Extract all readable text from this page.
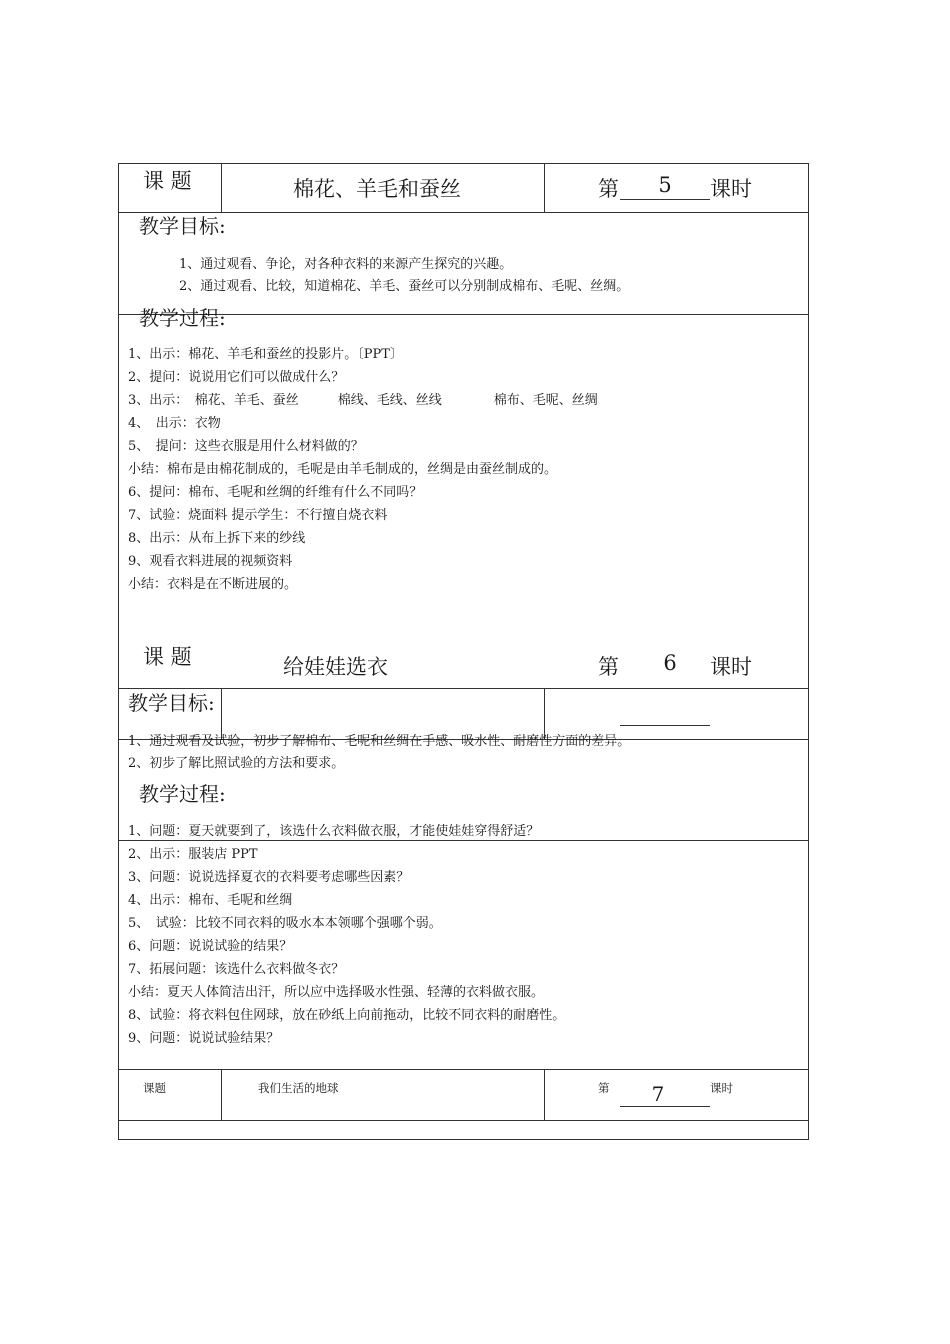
课 题	棉花、羊毛和蚕丝	第	5	课时
教学目标:
1、通过观看、争论，对各种衣料的来源产生探究的兴趣。
2、通过观看、比较，知道棉花、羊毛、蚕丝可以分别制成棉布、毛呢、丝绸。
教学过程:
1、出示：棉花、羊毛和蚕丝的投影片。〔PPT〕
2、提问：说说用它们可以做成什么？
3、出示：　棉花、羊毛、蚕丝　　　棉线、毛线、丝线　　　　棉布、毛呢、丝绸
4、　出示：衣物
5、　提问：这些衣服是用什么材料做的？
小结：棉布是由棉花制成的，毛呢是由羊毛制成的，丝绸是由蚕丝制成的。
6、提问：棉布、毛呢和丝绸的纤维有什么不同吗？
7、试验：烧面料 提示学生：不行擅自烧衣料
8、出示：从布上拆下来的纱线
9、观看衣料进展的视频资料
小结：衣料是在不断进展的。
课 题	给娃娃选衣	第	6	课时
教学目标:
1、通过观看及试验，初步了解棉布、毛呢和丝绸在手感、吸水性、耐磨性方面的差异。
2、初步了解比照试验的方法和要求。
教学过程:
1、问题：夏天就要到了，该选什么衣料做衣服，才能使娃娃穿得舒适？
2、出示：服装店 PPT
3、问题：说说选择夏衣的衣料要考虑哪些因素？
4、出示：棉布、毛呢和丝绸
5、　试验：比较不同衣料的吸水本本领哪个强哪个弱。
6、问题：说说试验的结果？
7、拓展问题：该选什么衣料做冬衣？
小结：夏天人体简洁出汗，所以应中选择吸水性强、轻薄的衣料做衣服。
8、试验：将衣料包住网球，放在砂纸上向前拖动，比较不同衣料的耐磨性。
9、问题：说说试验结果？
课题	我们生活的地球	第	7	课时
